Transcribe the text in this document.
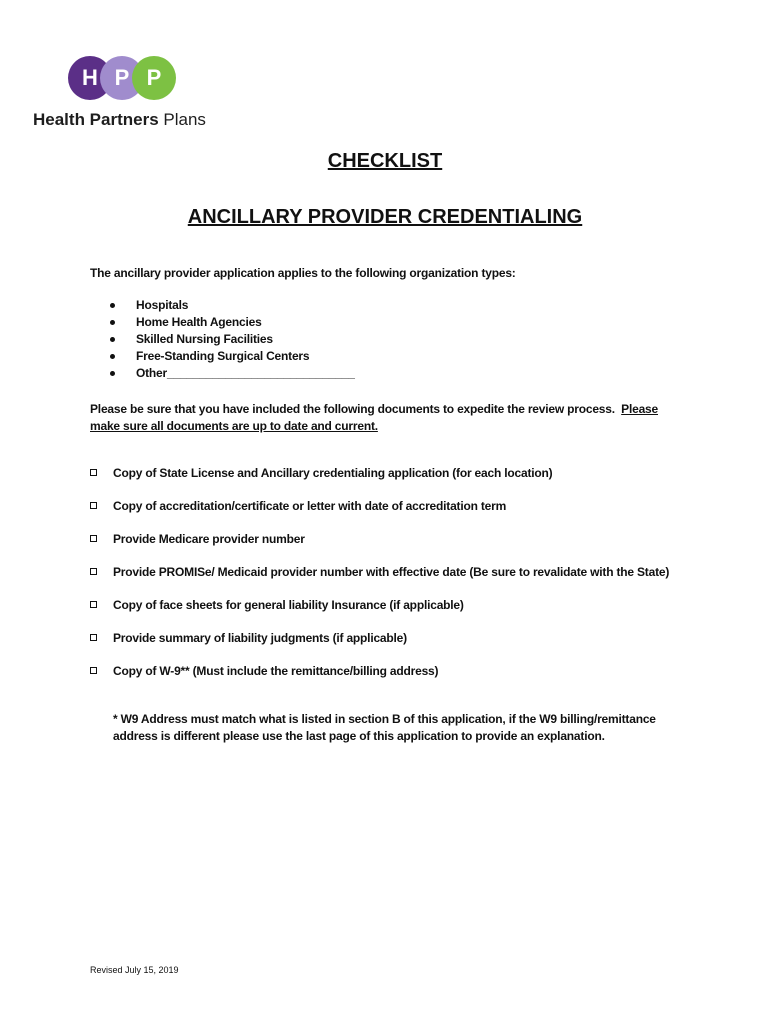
H P P
Health Partners Plans
CHECKLIST
ANCILLARY PROVIDER CREDENTIALING
The ancillary provider application applies to the following organization types:
Hospitals
Home Health Agencies
Skilled Nursing Facilities
Free-Standing Surgical Centers
Other_____________________________
Please be sure that you have included the following documents to expedite the review process. Please make sure all documents are up to date and current.
Copy of State License and Ancillary credentialing application (for each location)
Copy of accreditation/certificate or letter with date of accreditation term
Provide Medicare provider number
Provide PROMISe/ Medicaid provider number with effective date (Be sure to revalidate with the State)
Copy of face sheets for general liability Insurance (if applicable)
Provide summary of liability judgments (if applicable)
Copy of W-9** (Must include the remittance/billing address)
* W9 Address must match what is listed in section B of this application, if the W9 billing/remittance address is different please use the last page of this application to provide an explanation.
Revised July 15, 2019
